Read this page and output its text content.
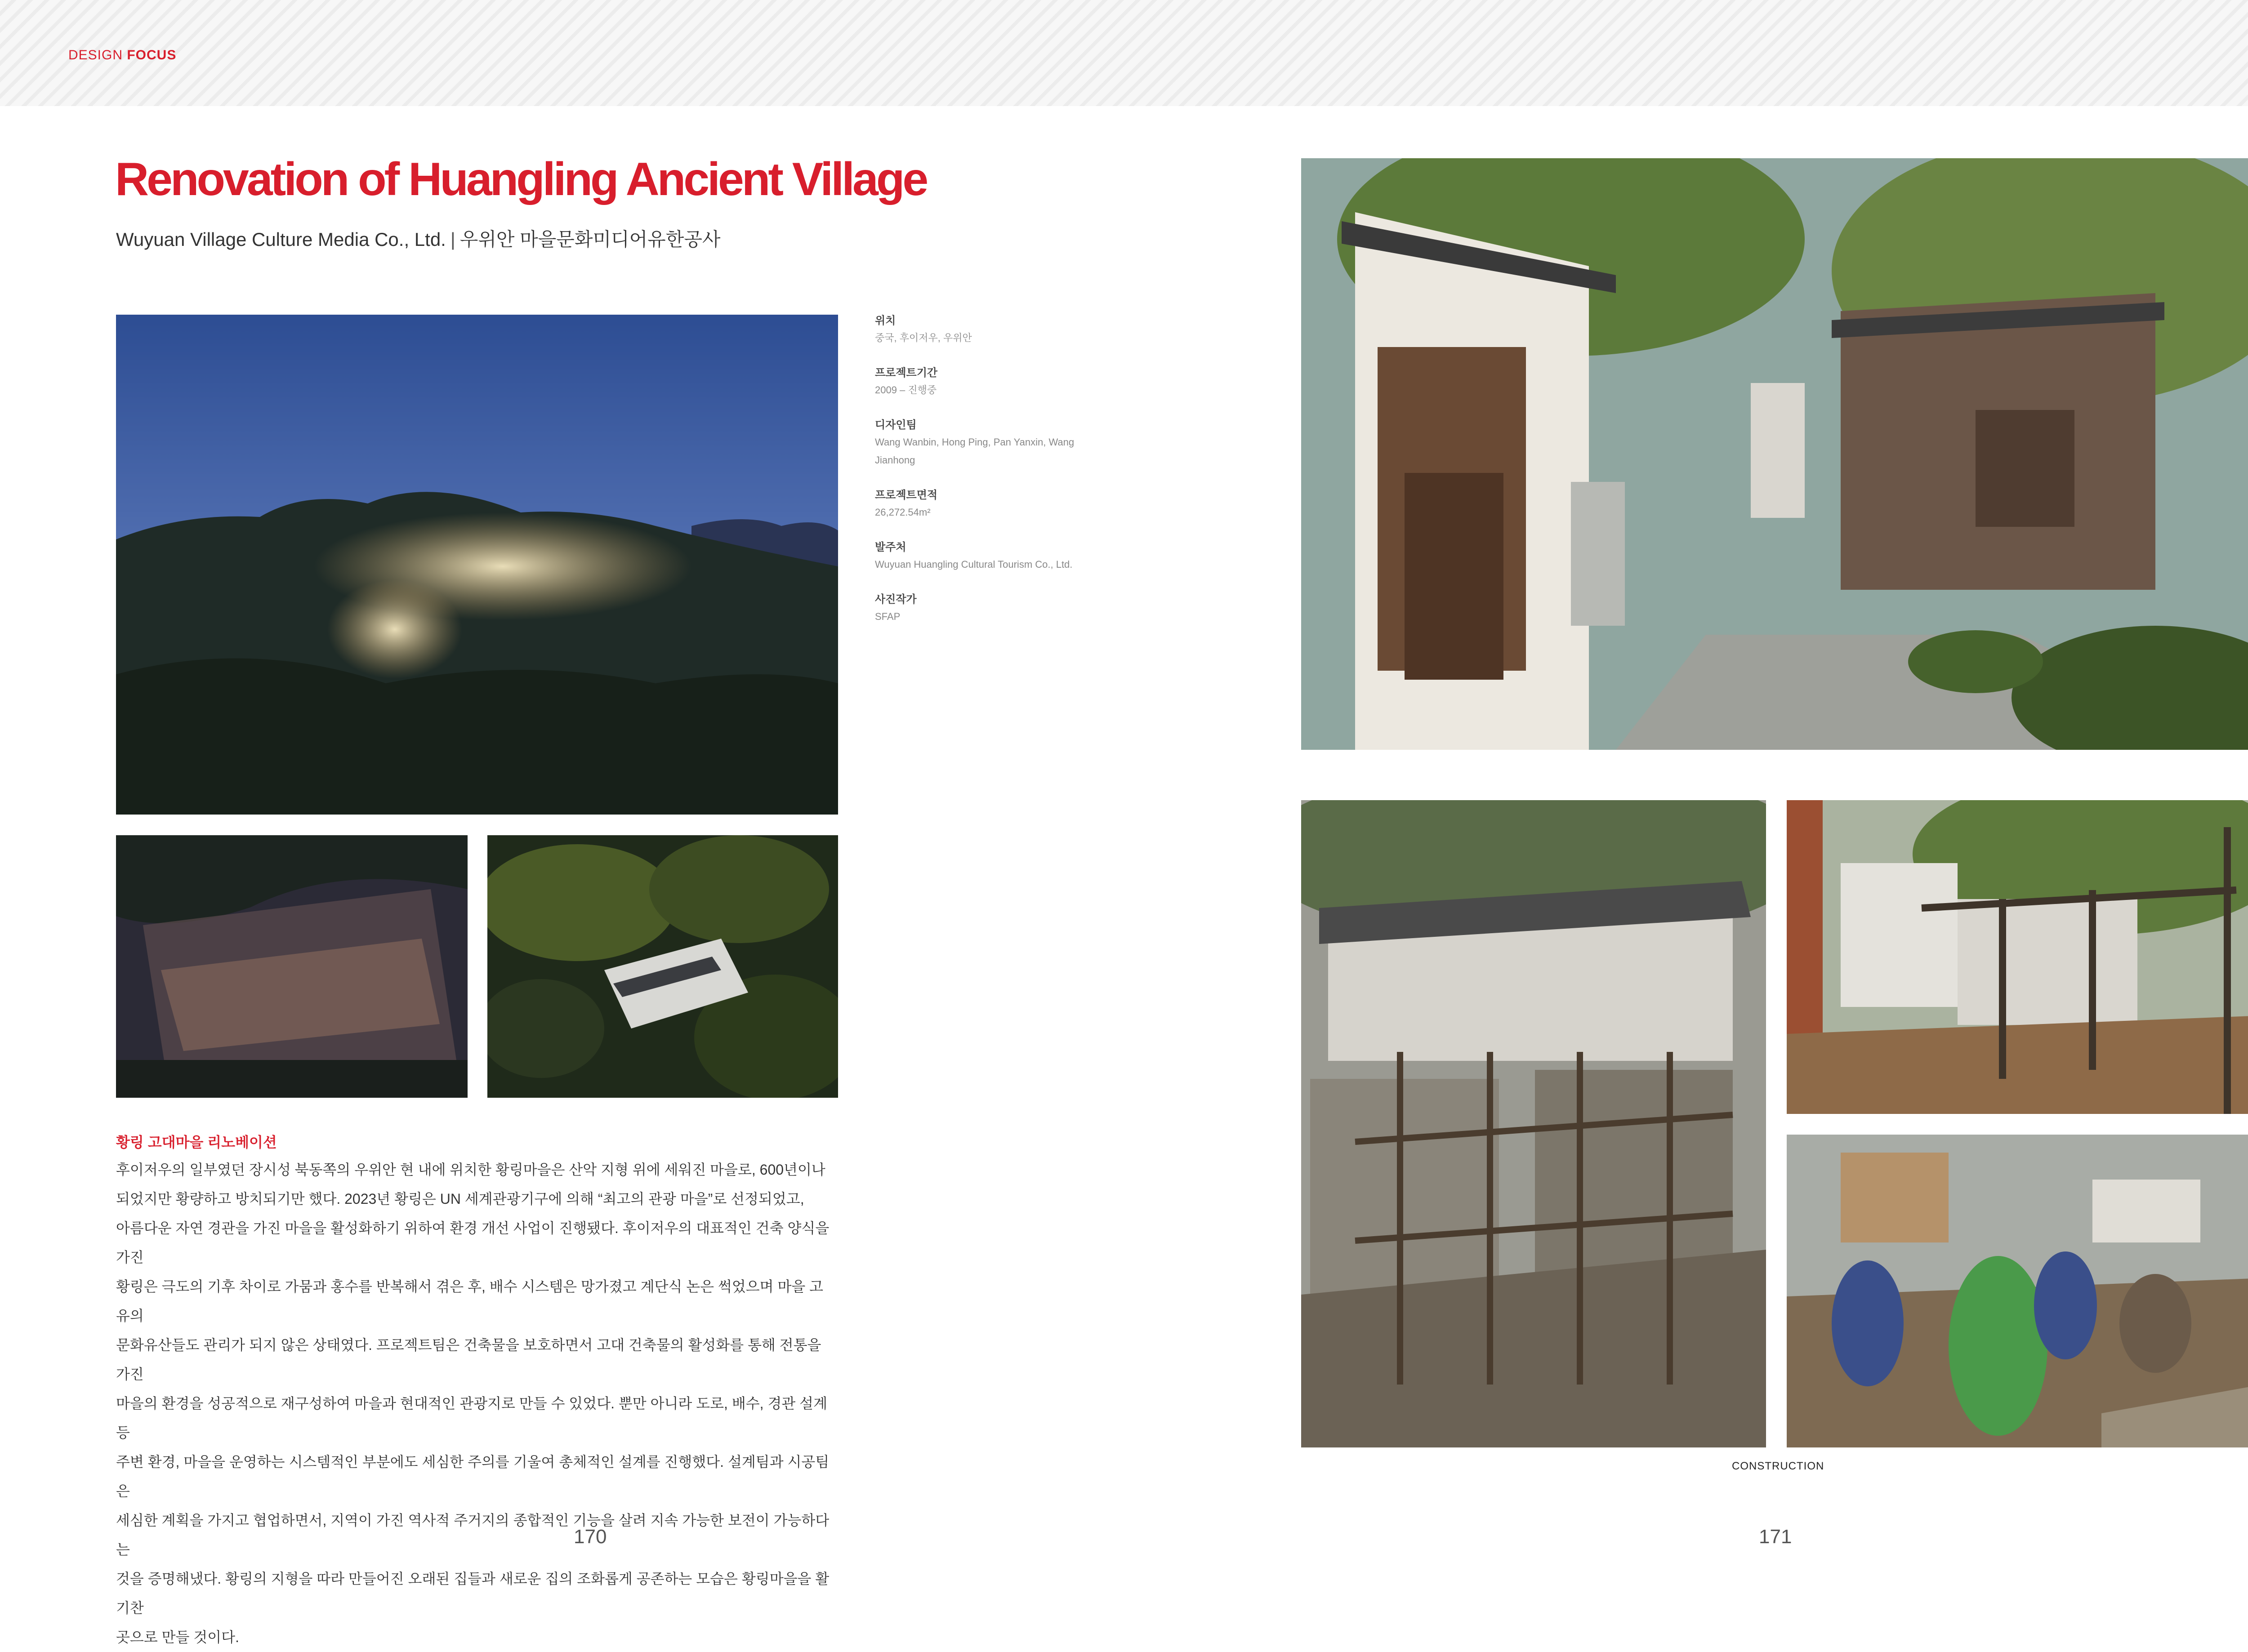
DESIGN FOCUS
Renovation of Huangling Ancient Village
Wuyuan Village Culture Media Co., Ltd. | 우위안 마을문화미디어유한공사
위치
중국, 후이저우, 우위안
프로젝트기간
2009 – 진행중
디자인팀
Wang Wanbin, Hong Ping, Pan Yanxin, Wang Jianhong
프로젝트면적
26,272.54m²
발주처
Wuyuan Huangling Cultural Tourism Co., Ltd.
사진작가
SFAP
황링 고대마을 리노베이션
후이저우의 일부였던 장시성 북동쪽의 우위안 현 내에 위치한 황링마을은 산악 지형 위에 세워진 마을로, 600년이나
되었지만 황량하고 방치되기만 했다. 2023년 황링은 UN 세계관광기구에 의해 “최고의 관광 마을”로 선정되었고,
아름다운 자연 경관을 가진 마을을 활성화하기 위하여 환경 개선 사업이 진행됐다. 후이저우의 대표적인 건축 양식을 가진
황링은 극도의 기후 차이로 가뭄과 홍수를 반복해서 겪은 후, 배수 시스템은 망가졌고 계단식 논은 썩었으며 마을 고유의
문화유산들도 관리가 되지 않은 상태였다. 프로젝트팀은 건축물을 보호하면서 고대 건축물의 활성화를 통해 전통을 가진
마을의 환경을 성공적으로 재구성하여 마을과 현대적인 관광지로 만들 수 있었다. 뿐만 아니라 도로, 배수, 경관 설계 등
주변 환경, 마을을 운영하는 시스템적인 부분에도 세심한 주의를 기울여 총체적인 설계를 진행했다. 설계팀과 시공팀은
세심한 계획을 가지고 협업하면서, 지역이 가진 역사적 주거지의 종합적인 기능을 살려 지속 가능한 보전이 가능하다는
것을 증명해냈다. 황링의 지형을 따라 만들어진 오래된 집들과 새로운 집의 조화롭게 공존하는 모습은 황링마을을 활기찬
곳으로 만들 것이다.
CONSTRUCTION
170	171
